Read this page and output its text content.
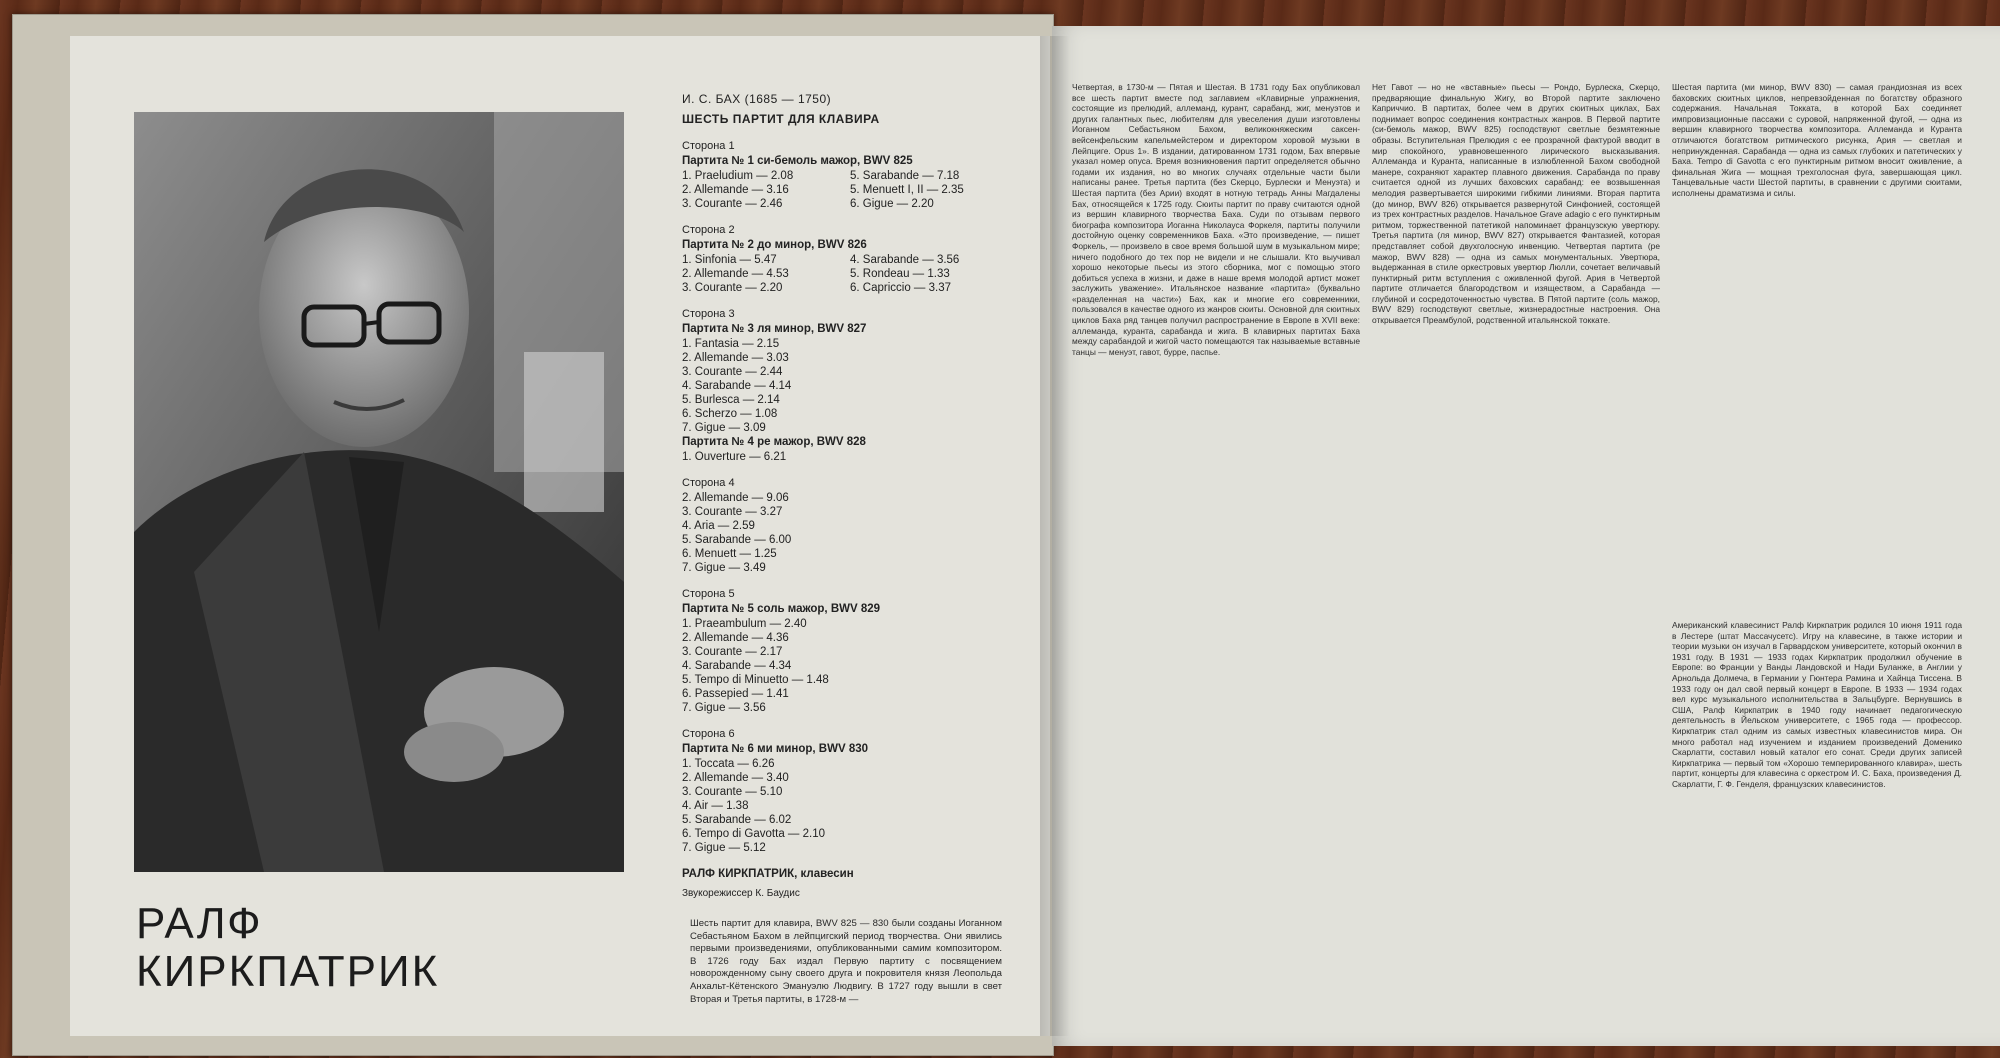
РАЛФ
КИРКПАТРИК
И. С. БАХ (1685 — 1750)
ШЕСТЬ ПАРТИТ ДЛЯ КЛАВИРА
Сторона 1
Партита № 1 си-бемоль мажор, BWV 825
1. Praeludium — 2.08	5. Sarabande — 7.18
2. Allemande — 3.16	5. Menuett I, II — 2.35
3. Courante — 2.46	6. Gigue — 2.20
Сторона 2
Партита № 2 до минор, BWV 826
1. Sinfonia — 5.47	4. Sarabande — 3.56
2. Allemande — 4.53	5. Rondeau — 1.33
3. Courante — 2.20	6. Capriccio — 3.37
Сторона 3
Партита № 3 ля минор, BWV 827
1. Fantasia — 2.15
2. Allemande — 3.03
3. Courante — 2.44
4. Sarabande — 4.14
5. Burlesca — 2.14
6. Scherzo — 1.08
7. Gigue — 3.09
Партита № 4 ре мажор, BWV 828
1. Ouverture — 6.21
Сторона 4
2. Allemande — 9.06
3. Courante — 3.27
4. Aria — 2.59
5. Sarabande — 6.00
6. Menuett — 1.25
7. Gigue — 3.49
Сторона 5
Партита № 5 соль мажор, BWV 829
1. Praeambulum — 2.40
2. Allemande — 4.36
3. Courante — 2.17
4. Sarabande — 4.34
5. Tempo di Minuetto — 1.48
6. Passepied — 1.41
7. Gigue — 3.56
Сторона 6
Партита № 6 ми минор, BWV 830
1. Toccata — 6.26
2. Allemande — 3.40
3. Courante — 5.10
4. Air — 1.38
5. Sarabande — 6.02
6. Tempo di Gavotta — 2.10
7. Gigue — 5.12
РАЛФ КИРКПАТРИК, клавесин
Звукорежиссер К. Баудис
Шесть партит для клавира, BWV 825 — 830 были созданы Иоганном Себастьяном Бахом в лейпцигский период творчества. Они явились первыми произведениями, опубликованными самим композитором. В 1726 году Бах издал Первую партиту с посвящением новорожденному сыну своего друга и покровителя князя Леопольда Анхальт-Кётенского Эмануэлю Людвигу. В 1727 году вышли в свет Вторая и Третья партиты, в 1728-м —
Четвертая, в 1730-м — Пятая и Шестая. В 1731 году Бах опубликовал все шесть партит вместе под заглавием «Клавирные упражнения, состоящие из прелюдий, аллеманд, курант, сарабанд, жиг, менуэтов и других галантных пьес, любителям для увеселения души изготовлены Иоганном Себастьяном Бахом, великокняжеским саксен-вейсенфельским капельмейстером и директором хоровой музыки в Лейпциге. Opus 1». В издании, датированном 1731 годом, Бах впервые указал номер опуса. Время возникновения партит определяется обычно годами их издания, но во многих случаях отдельные части были написаны ранее. Третья партита (без Скерцо, Бурлески и Менуэта) и Шестая партита (без Арии) входят в нотную тетрадь Анны Магдалены Бах, относящейся к 1725 году. Сюиты партит по праву считаются одной из вершин клавирного творчества Баха. Суди по отзывам первого биографа композитора Иоганна Николауса Форкеля, партиты получили достойную оценку современников Баха. «Это произведение, — пишет Форкель, — произвело в свое время большой шум в музыкальном мире; ничего подобного до тех пор не видели и не слышали. Кто выучивал хорошо некоторые пьесы из этого сборника, мог с помощью этого добиться успеха в жизни, и даже в наше время молодой артист может заслужить уважение». Итальянское название «партита» (буквально «разделенная на части») Бах, как и многие его современники, пользовался в качестве одного из жанров сюиты. Основной для сюитных циклов Баха ряд танцев получил распространение в Европе в XVII веке: аллеманда, куранта, сарабанда и жига. В клавирных партитах Баха между сарабандой и жигой часто помещаются так называемые вставные танцы — менуэт, гавот, бурре, паспье.
Нет Гавот — но не «вставные» пьесы — Рондо, Бурлеска, Скерцо, предваряющие финальную Жигу, во Второй партите заключено Каприччио. В партитах, более чем в других сюитных циклах, Бах поднимает вопрос соединения контрастных жанров. В Первой партите (си-бемоль мажор, BWV 825) господствуют светлые безмятежные образы. Вступительная Прелюдия с ее прозрачной фактурой вводит в мир спокойного, уравновешенного лирического высказывания. Аллеманда и Куранта, написанные в излюбленной Бахом свободной манере, сохраняют характер плавного движения. Сарабанда по праву считается одной из лучших баховских сарабанд: ее возвышенная мелодия развертывается широкими гибкими линиями. Вторая партита (до минор, BWV 826) открывается развернутой Синфонией, состоящей из трех контрастных разделов. Начальное Grave adagio с его пунктирным ритмом, торжественной патетикой напоминает французскую увертюру. Третья партита (ля минор, BWV 827) открывается Фантазией, которая представляет собой двухголосную инвенцию. Четвертая партита (ре мажор, BWV 828) — одна из самых монументальных. Увертюра, выдержанная в стиле оркестровых увертюр Люлли, сочетает величавый пунктирный ритм вступления с оживленной фугой. Ария в Четвертой партите отличается благородством и изяществом, а Сарабанда — глубиной и сосредоточенностью чувства. В Пятой партите (соль мажор, BWV 829) господствуют светлые, жизнерадостные настроения. Она открывается Преамбулой, родственной итальянской токкате.
Шестая партита (ми минор, BWV 830) — самая грандиозная из всех баховских сюитных циклов, непревзойденная по богатству образного содержания. Начальная Токката, в которой Бах соединяет импровизационные пассажи с суровой, напряженной фугой, — одна из вершин клавирного творчества композитора. Аллеманда и Куранта отличаются богатством ритмического рисунка, Ария — светлая и непринужденная. Сарабанда — одна из самых глубоких и патетических у Баха. Tempo di Gavotta с его пунктирным ритмом вносит оживление, а финальная Жига — мощная трехголосная фуга, завершающая цикл. Танцевальные части Шестой партиты, в сравнении с другими сюитами, исполнены драматизма и силы.
Американский клавесинист Ралф Киркпатрик родился 10 июня 1911 года в Лестере (штат Массачусетс). Игру на клавесине, в также истории и теории музыки он изучал в Гарвардском университете, который окончил в 1931 году. В 1931 — 1933 годах Киркпатрик продолжил обучение в Европе: во Франции у Ванды Ландовской и Нади Буланже, в Англии у Арнольда Долмеча, в Германии у Гюнтера Рамина и Хайнца Тиссена. В 1933 году он дал свой первый концерт в Европе. В 1933 — 1934 годах вел курс музыкального исполнительства в Зальцбурге. Вернувшись в США, Ралф Киркпатрик в 1940 году начинает педагогическую деятельность в Йельском университете, с 1965 года — профессор. Киркпатрик стал одним из самых известных клавесинистов мира. Он много работал над изучением и изданием произведений Доменико Скарлатти, составил новый каталог его сонат. Среди других записей Киркпатрика — первый том «Хорошо темперированного клавира», шесть партит, концерты для клавесина с оркестром И. С. Баха, произведения Д. Скарлатти, Г. Ф. Генделя, французских клавесинистов.
